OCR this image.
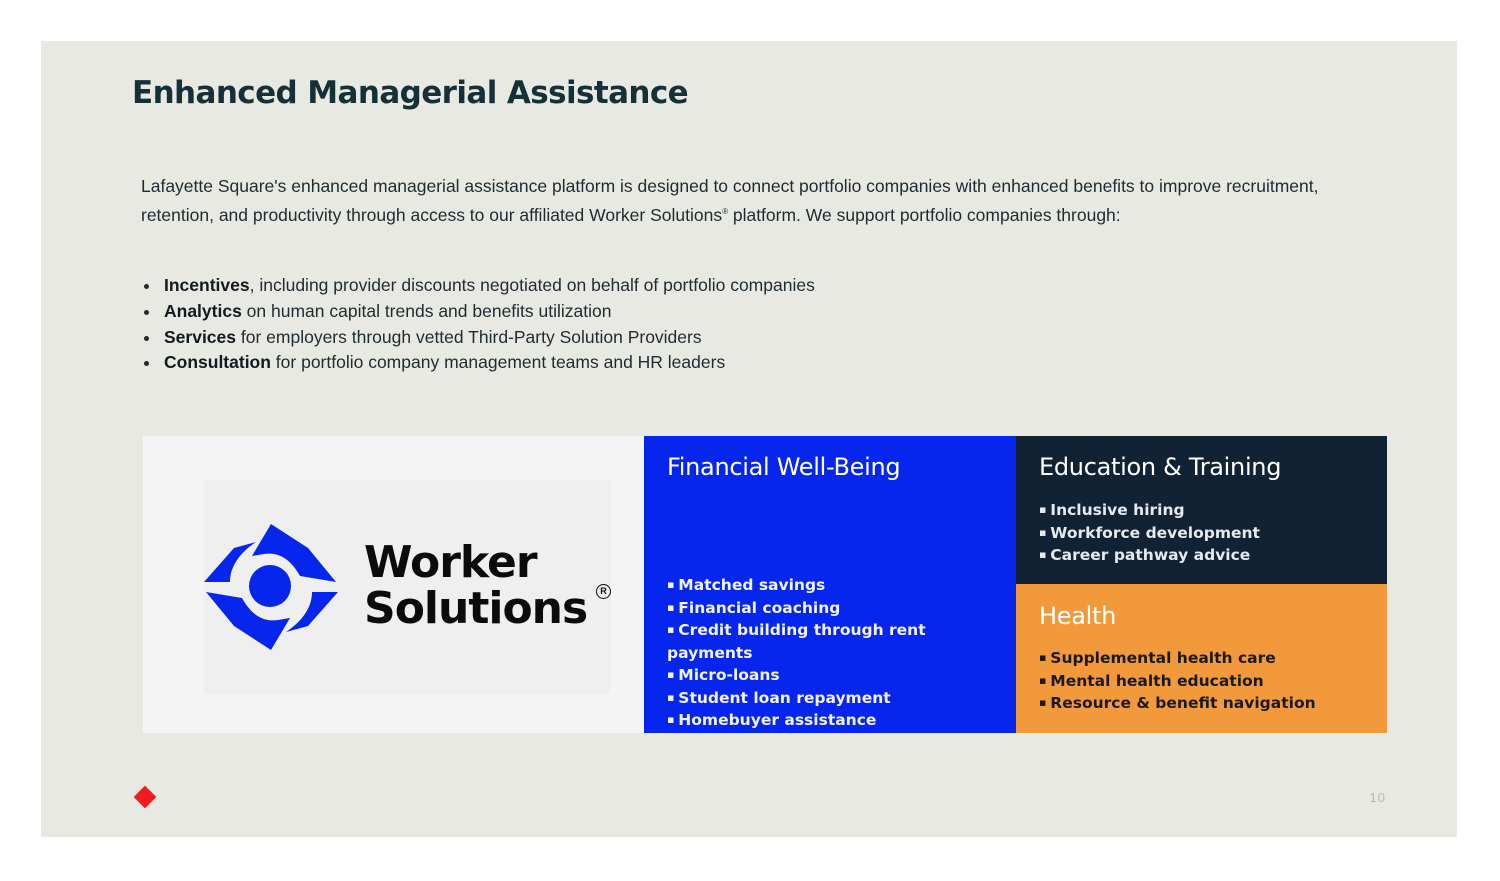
Enhanced Managerial Assistance

Lafayette Square's enhanced managerial assistance platform is designed to connect portfolio companies with enhanced benefits to improve recruitment, retention, and productivity through access to our affiliated Worker Solutions® platform. We support portfolio companies through:

Incentives, including provider discounts negotiated on behalf of portfolio companies
Analytics on human capital trends and benefits utilization
Services for employers through vetted Third-Party Solution Providers
Consultation for portfolio company management teams and HR leaders

Worker
Solutions	R
Financial Well-Being
▪ Matched savings
▪ Financial coaching
▪ Credit building through rent payments
▪ Micro-loans
▪ Student loan repayment
▪ Homebuyer assistance
Education & Training
▪ Inclusive hiring
▪ Workforce development
▪ Career pathway advice
Health
▪ Supplemental health care
▪ Mental health education
▪ Resource & benefit navigation
10
